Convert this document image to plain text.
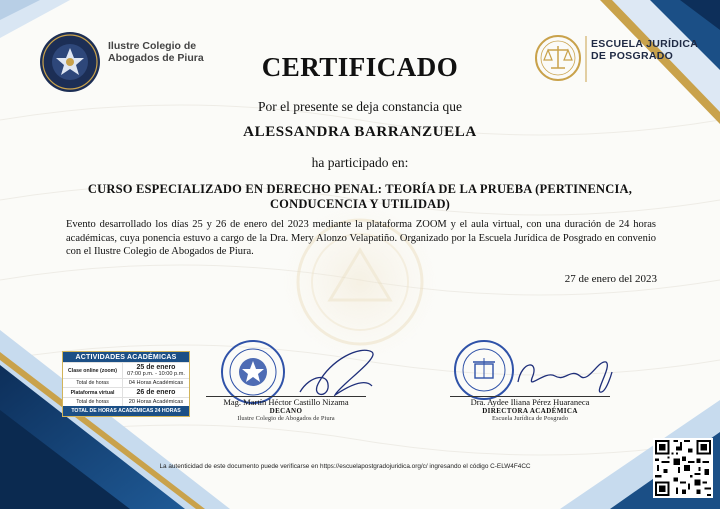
Ilustre Colegio de Abogados de Piura
ESCUELA JURÍDICA DE POSGRADO
CERTIFICADO
Por el presente se deja constancia que
ALESSANDRA BARRANZUELA
ha participado en:
CURSO ESPECIALIZADO EN DERECHO PENAL: TEORÍA DE LA PRUEBA (PERTINENCIA, CONDUCENCIA Y UTILIDAD)
Evento desarrollado los días 25 y 26 de enero del 2023 mediante la plataforma ZOOM y el aula virtual, con una duración de 24 horas académicas, cuya ponencia estuvo a cargo de la Dra. Mery Alonzo Velapatiño. Organizado por la Escuela Jurídica de Posgrado en convenio con el Ilustre Colegio de Abogados de Piura.
27 de enero del 2023
ACTIVIDADES ACADÉMICAS
Clase online (zoom)	25 de enero
07:00 p.m. - 10:00 p.m.
Total de horas	04 Horas Académicas
Plataforma virtual	26 de enero
Total de horas	20 Horas Académicas
TOTAL DE HORAS ACADÉMICAS 24 HORAS
Mag. Martín Héctor Castillo Nizama
DECANO
Ilustre Colegio de Abogados de Piura
Dra. Aydee Iliana Pérez Huaraneca
DIRECTORA ACADÉMICA
Escuela Jurídica de Posgrado
La autenticidad de este documento puede verificarse en https://escuelapostgradojuridica.org/c/ ingresando el código C-ELW4F4CC
